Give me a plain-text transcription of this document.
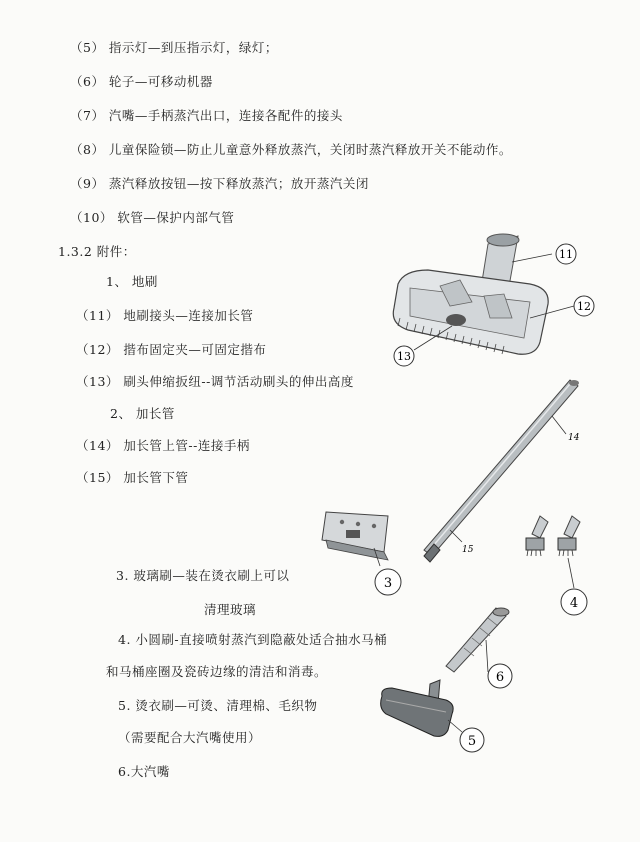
（5） 指示灯—到压指示灯，绿灯；
（6） 轮子—可移动机器
（7） 汽嘴—手柄蒸汽出口，连接各配件的接头
（8） 儿童保险锁—防止儿童意外释放蒸汽，关闭时蒸汽释放开关不能动作。
（9） 蒸汽释放按钮—按下释放蒸汽；放开蒸汽关闭
（10） 软管—保护内部气管
1.3.2 附件：
1、 地刷
（11） 地刷接头—连接加长管
（12） 揩布固定夹—可固定揩布
（13） 刷头伸缩扳纽--调节活动刷头的伸出高度
2、 加长管
（14） 加长管上管--连接手柄
（15） 加长管下管
3. 玻璃刷—装在烫衣刷上可以
清理玻璃
4. 小圆刷-直接喷射蒸汽到隐蔽处适合抽水马桶
和马桶座圈及瓷砖边缘的清洁和消毒。
5. 烫衣刷—可烫、清理棉、毛织物
（需要配合大汽嘴使用）
6.大汽嘴
11
12
13
14
15
3
4
6
5
